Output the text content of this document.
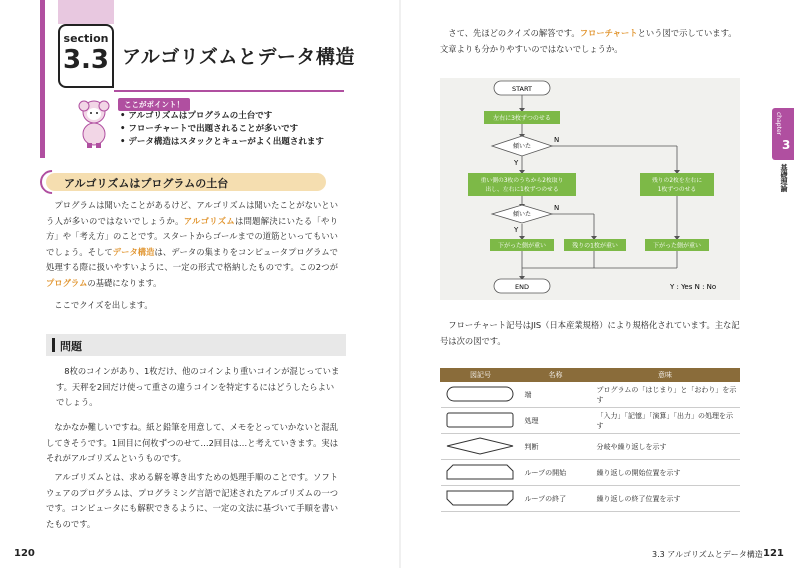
section
3.3 アルゴリズムとデータ構造
ここがポイント！
• アルゴリズムはプログラムの土台です
• フローチャートで出題されることが多いです
• データ構造はスタックとキューがよく出題されます
アルゴリズムはプログラムの土台
　プログラムは聞いたことがあるけど、アルゴリズムは聞いたことがないという人が多いのではないでしょうか。アルゴリズムは問題解決にいたる「やり方」や「考え方」のことです。スタートからゴールまでの道筋といってもいいでしょう。そしてデータ構造は、データの集まりをコンピュータプログラムで処理する際に扱いやすいように、一定の形式で格納したものです。この2つがプログラムの基礎になります。
　ここでクイズを出します。
問題
　8枚のコインがあり、1枚だけ、他のコインより重いコインが混じっています。天秤を2回だけ使って重さの違うコインを特定するにはどうしたらよいでしょう。
　なかなか難しいですね。紙と鉛筆を用意して、メモをとっていかないと混乱してきそうです。1回目に何枚ずつのせて…2回目は…と考えていきます。実はそれがアルゴリズムというものです。
　アルゴリズムとは、求める解を導き出すための処理手順のことです。ソフトウェアのプログラムは、プログラミング言語で記述されたアルゴリズムの一つです。コンピュータにも解釈できるように、一定の文法に基づいて手順を書いたものです。
120
　さて、先ほどのクイズの解答です。フローチャートという図で示しています。文章よりも分かりやすいのではないでしょうか。
START
左右に3枚ずつのせる
傾いた
N
Y
重い側の3枚のうちから2枚取り
出し、左右に1枚ずつのせる
残りの2枚を左右に
1枚ずつのせる
傾いた
N
Y
下がった側が重い	残りの1枚が重い	下がった側が重い
END	Y : Yes N : No
　フローチャート記号はJIS（日本産業規格）により規格化されています。主な記号は次の図です。
図記号	名称	意味
	端	プログラムの「はじまり」と「おわり」を示す
	処理	「入力」「記憶」「演算」「出力」の処理を示す
	判断	分岐や繰り返しを示す
	ループの開始	繰り返しの開始位置を示す
	ループの終了	繰り返しの終了位置を示す
chapter
3
基礎理論
3.3 アルゴリズムとデータ構造 121
